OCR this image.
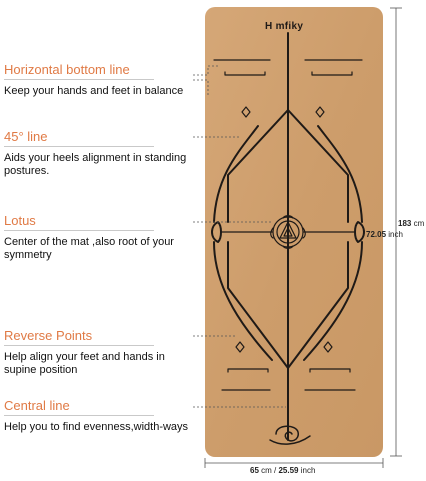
H mfiky
Horizontal bottom line
Keep your hands and feet in balance
45° line
Aids your heels alignment in standing postures.
Lotus
Center of the mat ,also root of your symmetry
Reverse Points
Help align your feet and hands in supine position
Central line
Help you to find evenness,width-ways
183 cm
72.05 inch
65 cm / 25.59 inch
